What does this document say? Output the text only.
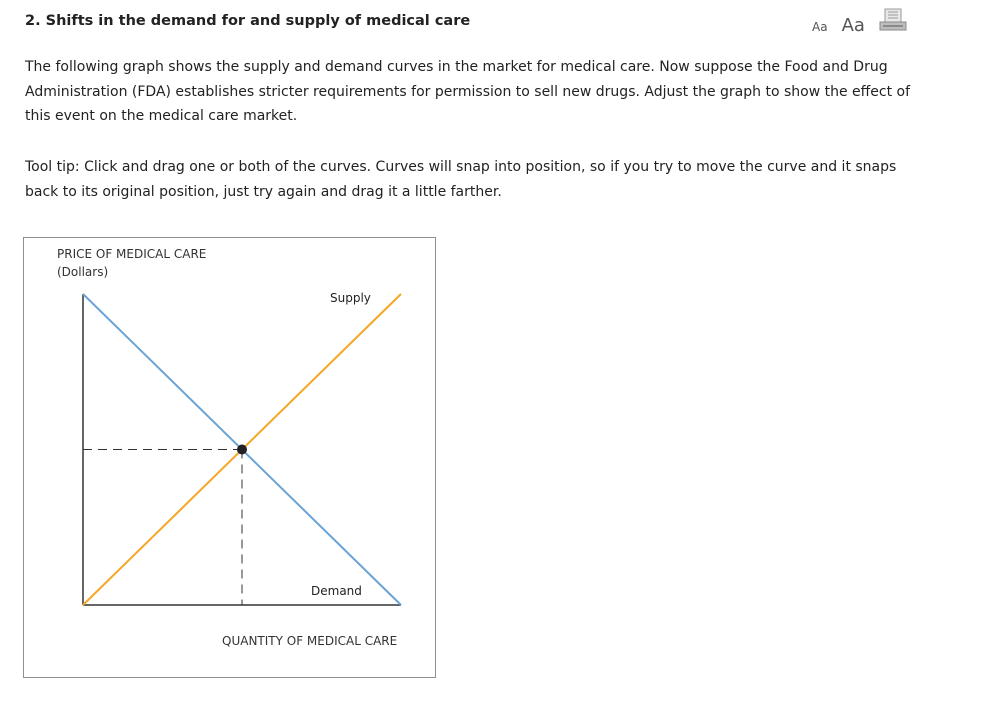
2. Shifts in the demand for and supply of medical care	Aa Aa

The following graph shows the supply and demand curves in the market for medical care. Now suppose the Food and Drug Administration (FDA) establishes stricter requirements for permission to sell new drugs. Adjust the graph to show the effect of this event on the medical care market.

Tool tip: Click and drag one or both of the curves. Curves will snap into position, so if you try to move the curve and it snaps back to its original position, just try again and drag it a little farther.

PRICE OF MEDICAL CARE
(Dollars)
Supply
Demand
QUANTITY OF MEDICAL CARE
